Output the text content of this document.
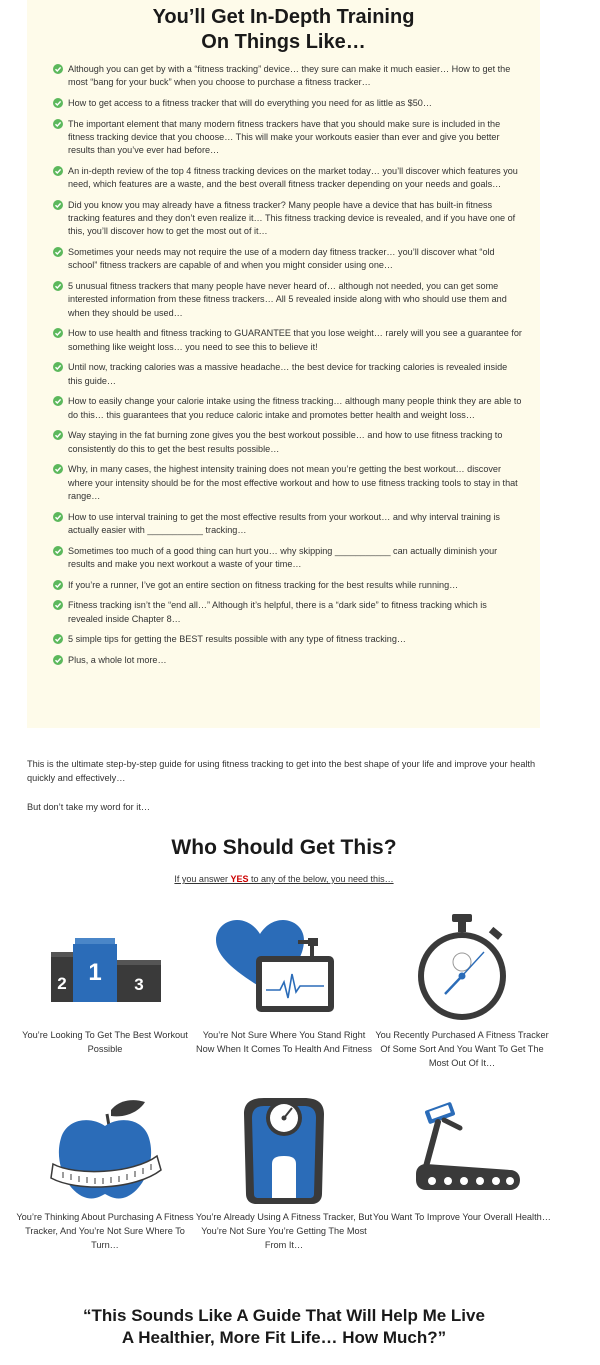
You’ll Get In-Depth Training
On Things Like…
Although you can get by with a “fitness tracking” device… they sure can make it much easier… How to get the most “bang for your buck” when you choose to purchase a fitness tracker…
How to get access to a fitness tracker that will do everything you need for as little as $50…
The important element that many modern fitness trackers have that you should make sure is included in the fitness tracking device that you choose… This will make your workouts easier than ever and give you better results than you’ve ever had before…
An in-depth review of the top 4 fitness tracking devices on the market today… you’ll discover which features you need, which features are a waste, and the best overall fitness tracker depending on your needs and goals…
Did you know you may already have a fitness tracker? Many people have a device that has built-in fitness tracking features and they don’t even realize it… This fitness tracking device is revealed, and if you have one of this, you’ll discover how to get the most out of it…
Sometimes your needs may not require the use of a modern day fitness tracker… you’ll discover what “old school” fitness trackers are capable of and when you might consider using one…
5 unusual fitness trackers that many people have never heard of… although not needed, you can get some interested information from these fitness trackers… All 5 revealed inside along with who should use them and when they should be used…
How to use health and fitness tracking to GUARANTEE that you lose weight… rarely will you see a guarantee for something like weight loss… you need to see this to believe it!
Until now, tracking calories was a massive headache… the best device for tracking calories is revealed inside this guide…
How to easily change your calorie intake using the fitness tracking… although many people think they are able to do this… this guarantees that you reduce caloric intake and promotes better health and weight loss…
Way staying in the fat burning zone gives you the best workout possible… and how to use fitness tracking to consistently do this to get the best results possible…
Why, in many cases, the highest intensity training does not mean you’re getting the best workout… discover where your intensity should be for the most effective workout and how to use fitness tracking tools to stay in that range…
How to use interval training to get the most effective results from your workout… and why interval training is actually easier with ___________ tracking…
Sometimes too much of a good thing can hurt you… why skipping ___________ can actually diminish your results and make you next workout a waste of your time…
If you’re a runner, I’ve got an entire section on fitness tracking for the best results while running…
Fitness tracking isn’t the “end all…” Although it’s helpful, there is a “dark side” to fitness tracking which is revealed inside Chapter 8…
5 simple tips for getting the BEST results possible with any type of fitness tracking…
Plus, a whole lot more…

This is the ultimate step-by-step guide for using fitness tracking to get into the best shape of your life and improve your health quickly and effectively…

But don’t take my word for it…

Who Should Get This?
If you answer YES to any of the below, you need this…
2 1 3
You’re Looking To Get The Best Workout Possible
You’re Not Sure Where You Stand Right Now When It Comes To Health And Fitness
You Recently Purchased A Fitness Tracker Of Some Sort And You Want To Get The Most Out Of It…
You’re Thinking About Purchasing A Fitness Tracker, And You’re Not Sure Where To Turn…
You’re Already Using A Fitness Tracker, But You’re Not Sure You’re Getting The Most From It…
You Want To Improve Your Overall Health…
“This Sounds Like A Guide That Will Help Me Live
A Healthier, More Fit Life… How Much?”
